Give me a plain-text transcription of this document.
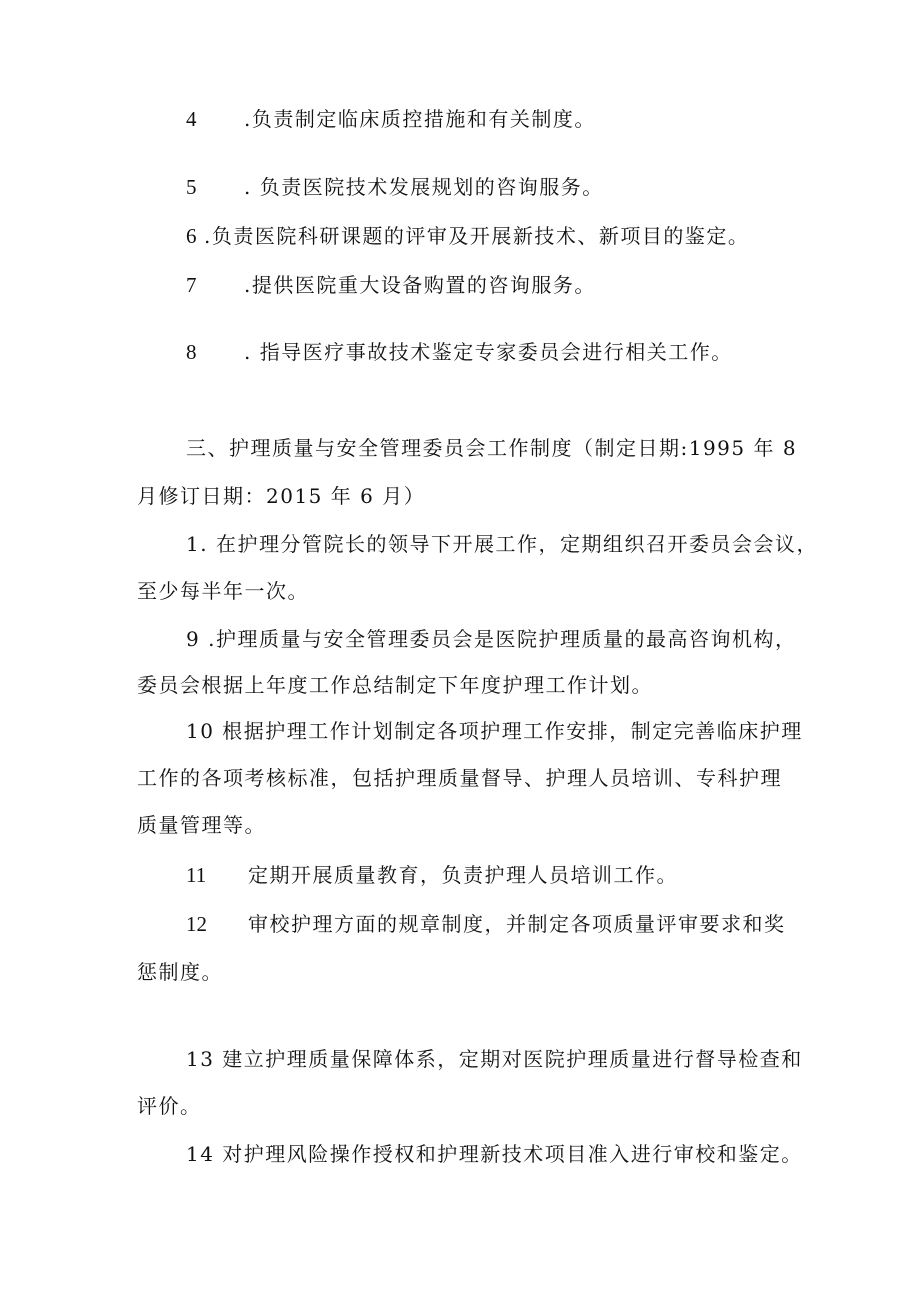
4 .负责制定临床质控措施和有关制度。
5 . 负责医院技术发展规划的咨询服务。
6 .负责医院科研课题的评审及开展新技术、新项目的鉴定。
7 .提供医院重大设备购置的咨询服务。
8 . 指导医疗事故技术鉴定专家委员会进行相关工作。
三、护理质量与安全管理委员会工作制度（制定日期:1995 年 8
月修订日期：2015 年 6 月）
1. 在护理分管院长的领导下开展工作，定期组织召开委员会会议，
至少每半年一次。
9 .护理质量与安全管理委员会是医院护理质量的最高咨询机构，
委员会根据上年度工作总结制定下年度护理工作计划。
10 根据护理工作计划制定各项护理工作安排，制定完善临床护理
工作的各项考核标准，包括护理质量督导、护理人员培训、专科护理
质量管理等。
11 定期开展质量教育，负责护理人员培训工作。
12 审校护理方面的规章制度，并制定各项质量评审要求和奖
惩制度。
13 建立护理质量保障体系，定期对医院护理质量进行督导检查和
评价。
14 对护理风险操作授权和护理新技术项目准入进行审校和鉴定。
